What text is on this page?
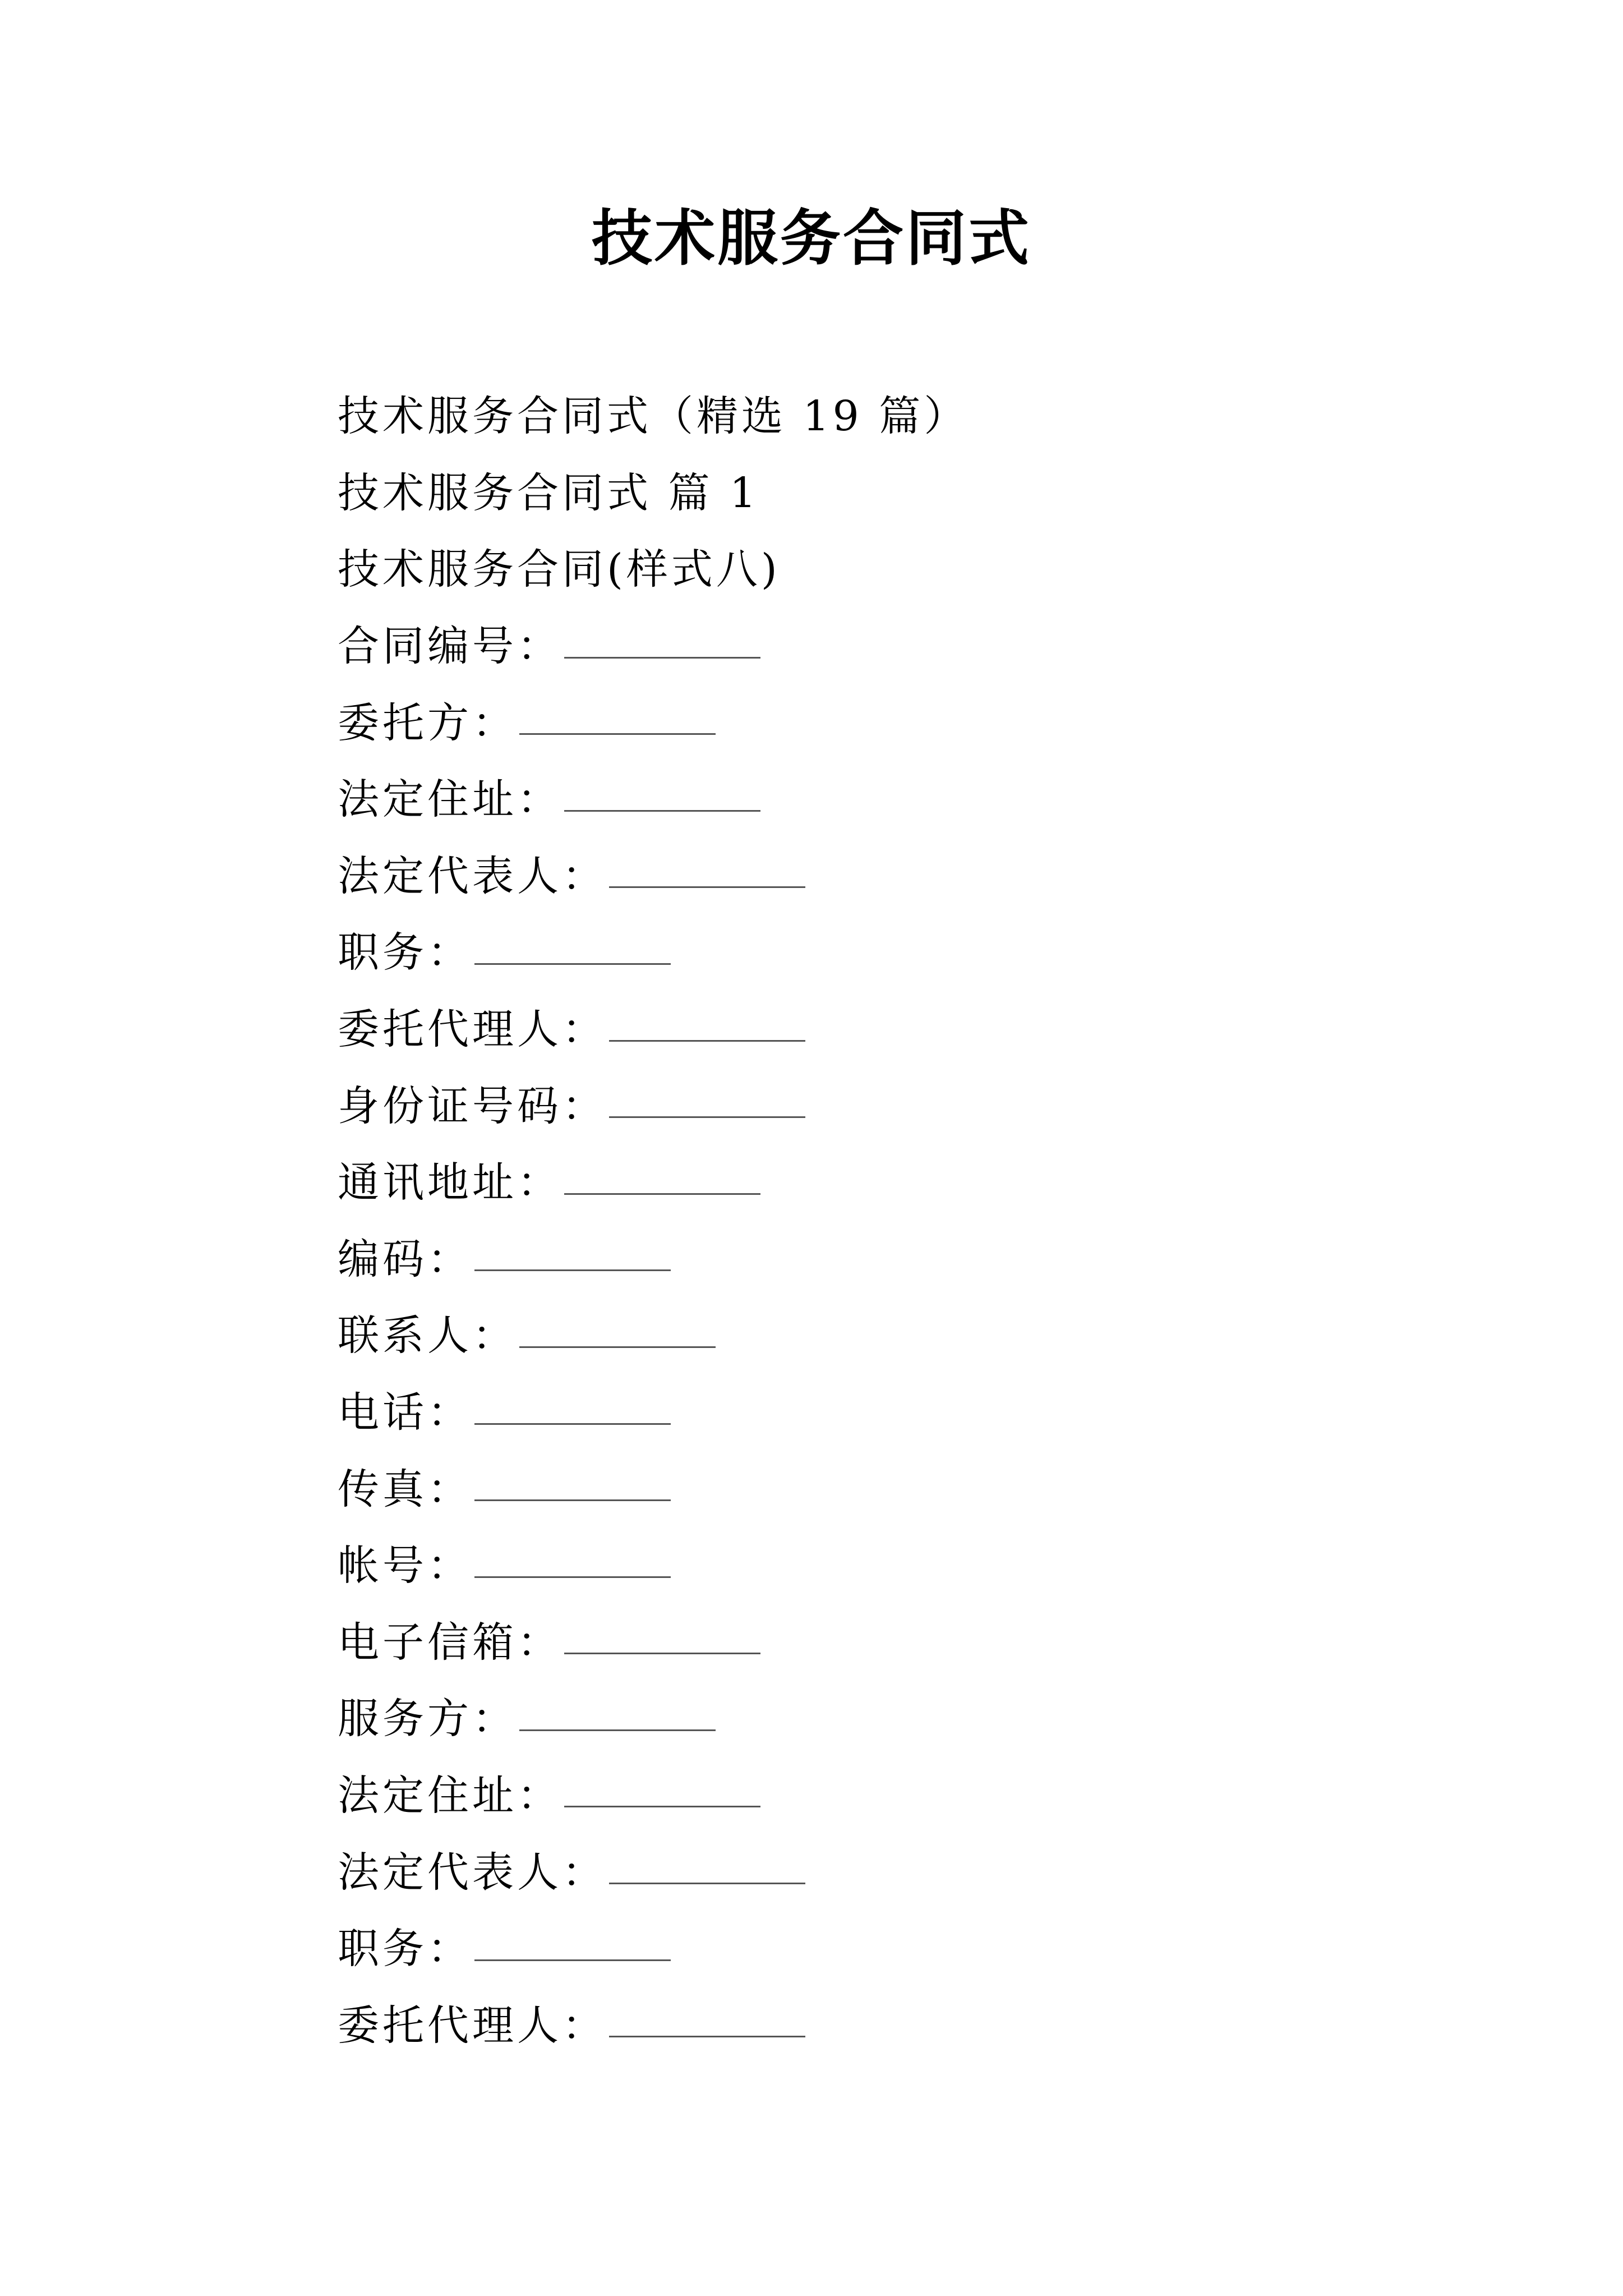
技术服务合同式
技术服务合同式（精选 19 篇）
技术服务合同式 篇 1
技术服务合同(样式八)
合同编号：
委托方：
法定住址：
法定代表人：
职务：
委托代理人：
身份证号码：
通讯地址：
编码：
联系人：
电话：
传真：
帐号：
电子信箱：
服务方：
法定住址：
法定代表人：
职务：
委托代理人：
